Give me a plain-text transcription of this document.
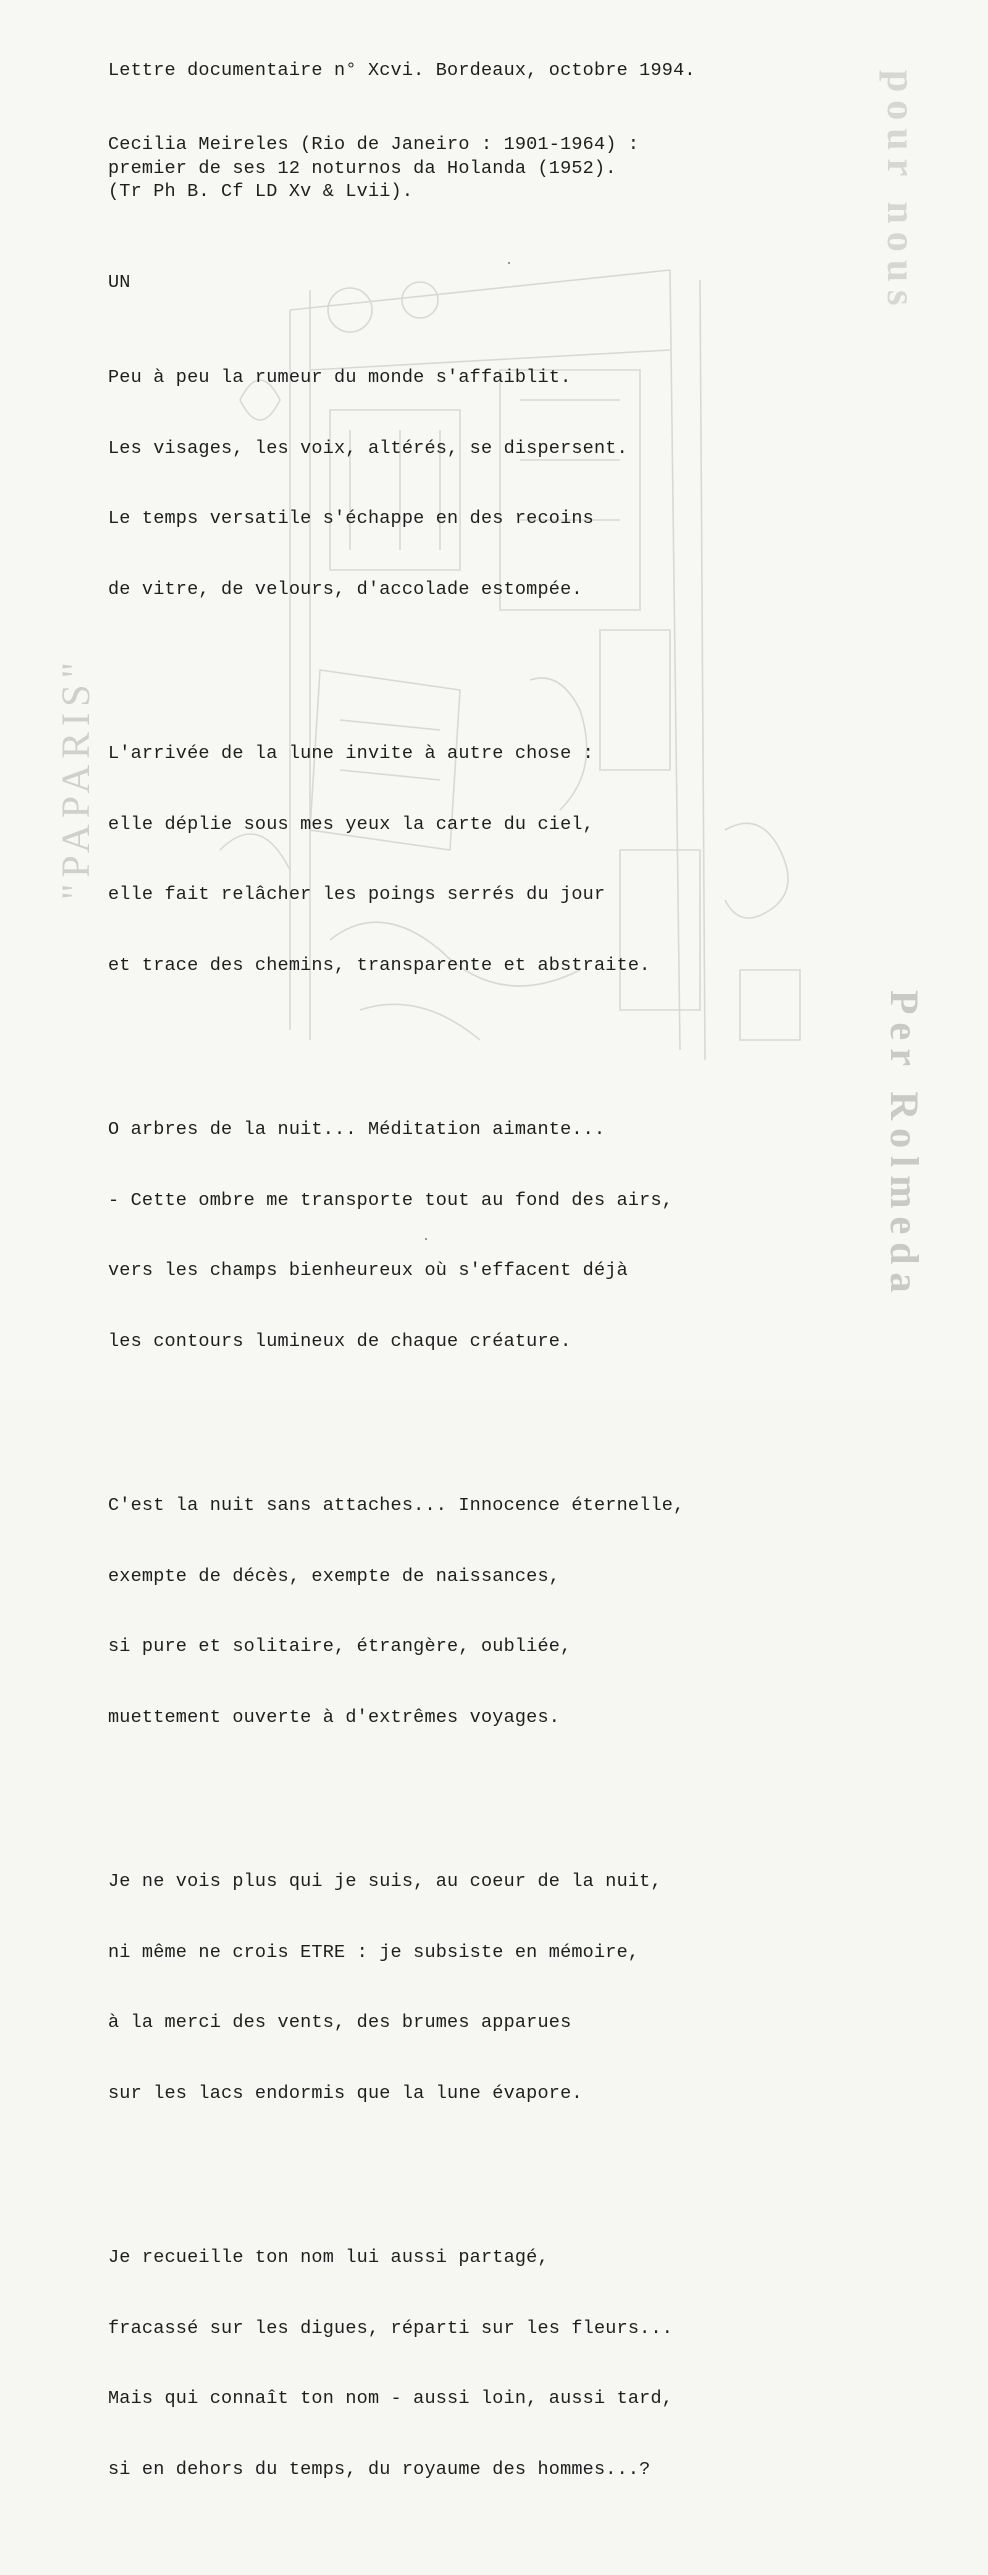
"PAPARIS"
pour nous
Per Rolmeda

Lettre documentaire n° Xcvi. Bordeaux, octobre 1994.

Cecilia Meireles (Rio de Janeiro : 1901-1964) :
premier de ses 12 noturnos da Holanda (1952).
(Tr Ph B. Cf LD Xv & Lvii).

UN

Peu à peu la rumeur du monde s'affaiblit.

Les visages, les voix, altérés, se dispersent.

Le temps versatile s'échappe en des recoins

de vitre, de velours, d'accolade estompée.

L'arrivée de la lune invite à autre chose :

elle déplie sous mes yeux la carte du ciel,

elle fait relâcher les poings serrés du jour

et trace des chemins, transparente et abstraite.

O arbres de la nuit... Méditation aimante...

- Cette ombre me transporte tout au fond des airs,

vers les champs bienheureux où s'effacent déjà

les contours lumineux de chaque créature.

C'est la nuit sans attaches... Innocence éternelle,

exempte de décès, exempte de naissances,

si pure et solitaire, étrangère, oubliée,

muettement ouverte à d'extrêmes voyages.

Je ne vois plus qui je suis, au coeur de la nuit,

ni même ne crois ETRE : je subsiste en mémoire,

à la merci des vents, des brumes apparues

sur les lacs endormis que la lune évapore.

Je recueille ton nom lui aussi partagé,

fracassé sur les digues, réparti sur les fleurs...

Mais qui connaît ton nom - aussi loin, aussi tard,

si en dehors du temps, du royaume des hommes...?
